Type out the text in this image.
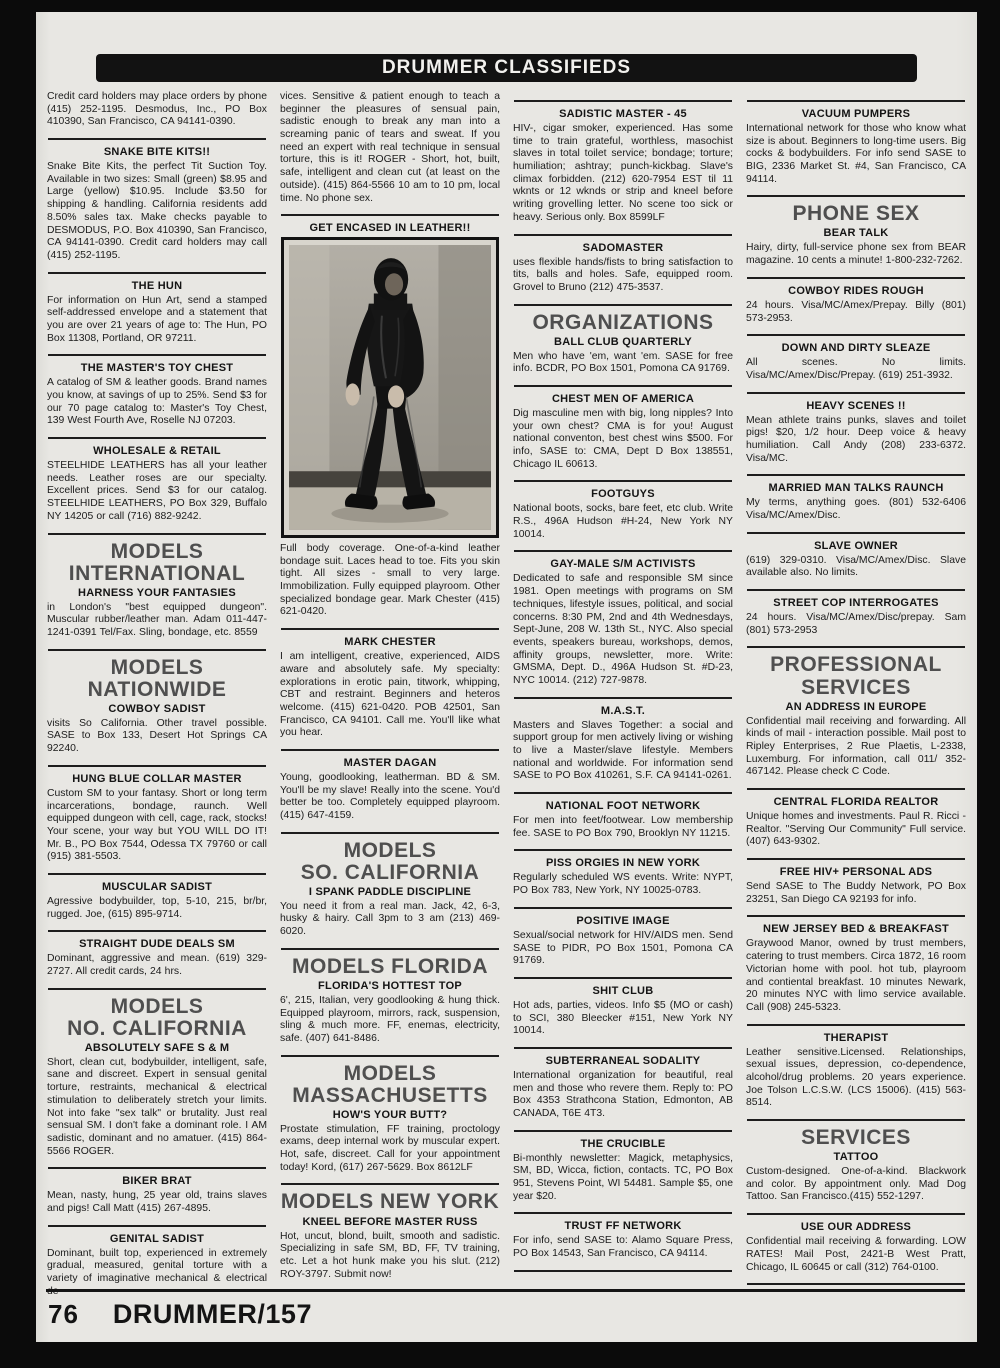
DRUMMER CLASSIFIEDS
Credit card holders may place orders by phone (415) 252-1195. Desmodus, Inc., PO Box 410390, San Francisco, CA 94141-0390.
SNAKE BITE KITS!!
Snake Bite Kits, the perfect Tit Suction Toy. Available in two sizes: Small (green) $8.95 and Large (yellow) $10.95. Include $3.50 for shipping & handling. California residents add 8.50% sales tax. Make checks payable to DESMODUS, P.O. Box 410390, San Francisco, CA 94141-0390. Credit card holders may call (415) 252-1195.
THE HUN
For information on Hun Art, send a stamped self-addressed envelope and a statement that you are over 21 years of age to: The Hun, PO Box 11308, Portland, OR 97211.
THE MASTER'S TOY CHEST
A catalog of SM & leather goods. Brand names you know, at savings of up to 25%. Send $3 for our 70 page catalog to: Master's Toy Chest, 139 West Fourth Ave, Roselle NJ 07203.
WHOLESALE & RETAIL
STEELHIDE LEATHERS has all your leather needs. Leather roses are our specialty. Excellent prices. Send $3 for our catalog. STEELHIDE LEATHERS, PO Box 329, Buffalo NY 14205 or call (716) 882-9242.
MODELS
INTERNATIONAL
HARNESS YOUR FANTASIES
in London's "best equipped dungeon". Muscular rubber/leather man. Adam 011-447-1241-0391 Tel/Fax. Sling, bondage, etc. 8559
MODELS
NATIONWIDE
COWBOY SADIST
visits So California. Other travel possible. SASE to Box 133, Desert Hot Springs CA 92240.
HUNG BLUE COLLAR MASTER
Custom SM to your fantasy. Short or long term incarcerations, bondage, raunch. Well equipped dungeon with cell, cage, rack, stocks! Your scene, your way but YOU WILL DO IT! Mr. B., PO Box 7544, Odessa TX 79760 or call (915) 381-5503.
MUSCULAR SADIST
Agressive bodybuilder, top, 5-10, 215, br/br, rugged. Joe, (615) 895-9714.
STRAIGHT DUDE DEALS SM
Dominant, aggressive and mean. (619) 329-2727. All credit cards, 24 hrs.
MODELS
NO. CALIFORNIA
ABSOLUTELY SAFE S & M
Short, clean cut, bodybuilder, intelligent, safe, sane and discreet. Expert in sensual genital torture, restraints, mechanical & electrical stimulation to deliberately stretch your limits. Not into fake "sex talk" or brutality. Just real sensual SM. I don't fake a dominant role. I AM sadistic, dominant and no amatuer. (415) 864-5566 ROGER.
BIKER BRAT
Mean, nasty, hung, 25 year old, trains slaves and pigs! Call Matt (415) 267-4895.
GENITAL SADIST
Dominant, built top, experienced in extremely gradual, measured, genital torture with a variety of imaginative mechanical & electrical de-
vices. Sensitive & patient enough to teach a beginner the pleasures of sensual pain, sadistic enough to break any man into a screaming panic of tears and sweat. If you need an expert with real technique in sensual torture, this is it! ROGER - Short, hot, built, safe, intelligent and clean cut (at least on the outside). (415) 864-5566 10 am to 10 pm, local time. No phone sex.
GET ENCASED IN LEATHER!!
Full body coverage. One-of-a-kind leather bondage suit. Laces head to toe. Fits you skin tight. All sizes - small to very large. Immobilization. Fully equipped playroom. Other specialized bondage gear. Mark Chester (415) 621-0420.
MARK CHESTER
I am intelligent, creative, experienced, AIDS aware and absolutely safe. My specialty: explorations in erotic pain, titwork, whipping, CBT and restraint. Beginners and heteros welcome. (415) 621-0420. POB 42501, San Francisco, CA 94101. Call me. You'll like what you hear.
MASTER DAGAN
Young, goodlooking, leatherman. BD & SM. You'll be my slave! Really into the scene. You'd better be too. Completely equipped playroom. (415) 647-4159.
MODELS
SO. CALIFORNIA
I SPANK PADDLE DISCIPLINE
You need it from a real man. Jack, 42, 6-3, husky & hairy. Call 3pm to 3 am (213) 469-6020.
MODELS FLORIDA
FLORIDA'S HOTTEST TOP
6', 215, Italian, very goodlooking & hung thick. Equipped playroom, mirrors, rack, suspension, sling & much more. FF, enemas, electricity, safe. (407) 641-8486.
MODELS
MASSACHUSETTS
HOW'S YOUR BUTT?
Prostate stimulation, FF training, proctology exams, deep internal work by muscular expert. Hot, safe, discreet. Call for your appointment today! Kord, (617) 267-5629. Box 8612LF
MODELS NEW YORK
KNEEL BEFORE MASTER RUSS
Hot, uncut, blond, built, smooth and sadistic. Specializing in safe SM, BD, FF, TV training, etc. Let a hot hunk make you his slut. (212) ROY-3797. Submit now!
SADISTIC MASTER - 45
HIV-, cigar smoker, experienced. Has some time to train grateful, worthless, masochist slaves in total toilet service; bondage; torture; humiliation; ashtray; punch-kickbag. Slave's climax forbidden. (212) 620-7954 EST til 11 wknts or 12 wknds or strip and kneel before writing grovelling letter. No scene too sick or heavy. Serious only. Box 8599LF
SADOMASTER
uses flexible hands/fists to bring satisfaction to tits, balls and holes. Safe, equipped room. Grovel to Bruno (212) 475-3537.
ORGANIZATIONS
BALL CLUB QUARTERLY
Men who have 'em, want 'em. SASE for free info. BCDR, PO Box 1501, Pomona CA 91769.
CHEST MEN OF AMERICA
Dig masculine men with big, long nipples? Into your own chest? CMA is for you! August national conventon, best chest wins $500. For info, SASE to: CMA, Dept D Box 138551, Chicago IL 60613.
FOOTGUYS
National boots, socks, bare feet, etc club. Write R.S., 496A Hudson #H-24, New York NY 10014.
GAY-MALE S/M ACTIVISTS
Dedicated to safe and responsible SM since 1981. Open meetings with programs on SM techniques, lifestyle issues, political, and social concerns. 8:30 PM, 2nd and 4th Wednesdays, Sept-June, 208 W. 13th St., NYC. Also special events, speakers bureau, workshops, demos, affinity groups, newsletter, more. Write: GMSMA, Dept. D., 496A Hudson St. #D-23, NYC 10014. (212) 727-9878.
M.A.S.T.
Masters and Slaves Together: a social and support group for men actively living or wishing to live a Master/slave lifestyle. Members national and worldwide. For information send SASE to PO Box 410261, S.F. CA 94141-0261.
NATIONAL FOOT NETWORK
For men into feet/footwear. Low membership fee. SASE to PO Box 790, Brooklyn NY 11215.
PISS ORGIES IN NEW YORK
Regularly scheduled WS events. Write: NYPT, PO Box 783, New York, NY 10025-0783.
POSITIVE IMAGE
Sexual/social network for HIV/AIDS men. Send SASE to PIDR, PO Box 1501, Pomona CA 91769.
SHIT CLUB
Hot ads, parties, videos. Info $5 (MO or cash) to SCI, 380 Bleecker #151, New York NY 10014.
SUBTERRANEAL SODALITY
International organization for beautiful, real men and those who revere them. Reply to: PO Box 4353 Strathcona Station, Edmonton, AB CANADA, T6E 4T3.
THE CRUCIBLE
Bi-monthly newsletter: Magick, metaphysics, SM, BD, Wicca, fiction, contacts. TC, PO Box 951, Stevens Point, WI 54481. Sample $5, one year $20.
TRUST FF NETWORK
For info, send SASE to: Alamo Square Press, PO Box 14543, San Francisco, CA 94114.
VACUUM PUMPERS
International network for those who know what size is about. Beginners to long-time users. Big cocks & bodybuilders. For info send SASE to BIG, 2336 Market St. #4, San Francisco, CA 94114.
PHONE SEX
BEAR TALK
Hairy, dirty, full-service phone sex from BEAR magazine. 10 cents a minute! 1-800-232-7262.
COWBOY RIDES ROUGH
24 hours. Visa/MC/Amex/Prepay. Billy (801) 573-2953.
DOWN AND DIRTY SLEAZE
All scenes. No limits. Visa/MC/Amex/Disc/Prepay. (619) 251-3932.
HEAVY SCENES !!
Mean athlete trains punks, slaves and toilet pigs! $20, 1/2 hour. Deep voice & heavy humiliation. Call Andy (208) 233-6372. Visa/MC.
MARRIED MAN TALKS RAUNCH
My terms, anything goes. (801) 532-6406 Visa/MC/Amex/Disc.
SLAVE OWNER
(619) 329-0310. Visa/MC/Amex/Disc. Slave available also. No limits.
STREET COP INTERROGATES
24 hours. Visa/MC/Amex/Disc/prepay. Sam (801) 573-2953
PROFESSIONAL
SERVICES
AN ADDRESS IN EUROPE
Confidential mail receiving and forwarding. All kinds of mail - interaction possible. Mail post to Ripley Enterprises, 2 Rue Plaetis, L-2338, Luxemburg. For information, call 011/ 352-467142. Please check C Code.
CENTRAL FLORIDA REALTOR
Unique homes and investments. Paul R. Ricci - Realtor. "Serving Our Community" Full service. (407) 643-9302.
FREE HIV+ PERSONAL ADS
Send SASE to The Buddy Network, PO Box 23251, San Diego CA 92193 for info.
NEW JERSEY BED & BREAKFAST
Graywood Manor, owned by trust members, catering to trust members. Circa 1872, 16 room Victorian home with pool. hot tub, playroom and contiental breakfast. 10 minutes Newark, 20 minutes NYC with limo service available. Call (908) 245-5323.
THERAPIST
Leather sensitive.Licensed. Relationships, sexual issues, depression, co-dependence, alcohol/drug problems. 20 years experience. Joe Tolson L.C.S.W. (LCS 15006). (415) 563-8514.
SERVICES
TATTOO
Custom-designed. One-of-a-kind. Blackwork and color. By appointment only. Mad Dog Tattoo. San Francisco.(415) 552-1297.
USE OUR ADDRESS
Confidential mail receiving & forwarding. LOW RATES! Mail Post, 2421-B West Pratt, Chicago, IL 60645 or call (312) 764-0100.
76 DRUMMER/157
